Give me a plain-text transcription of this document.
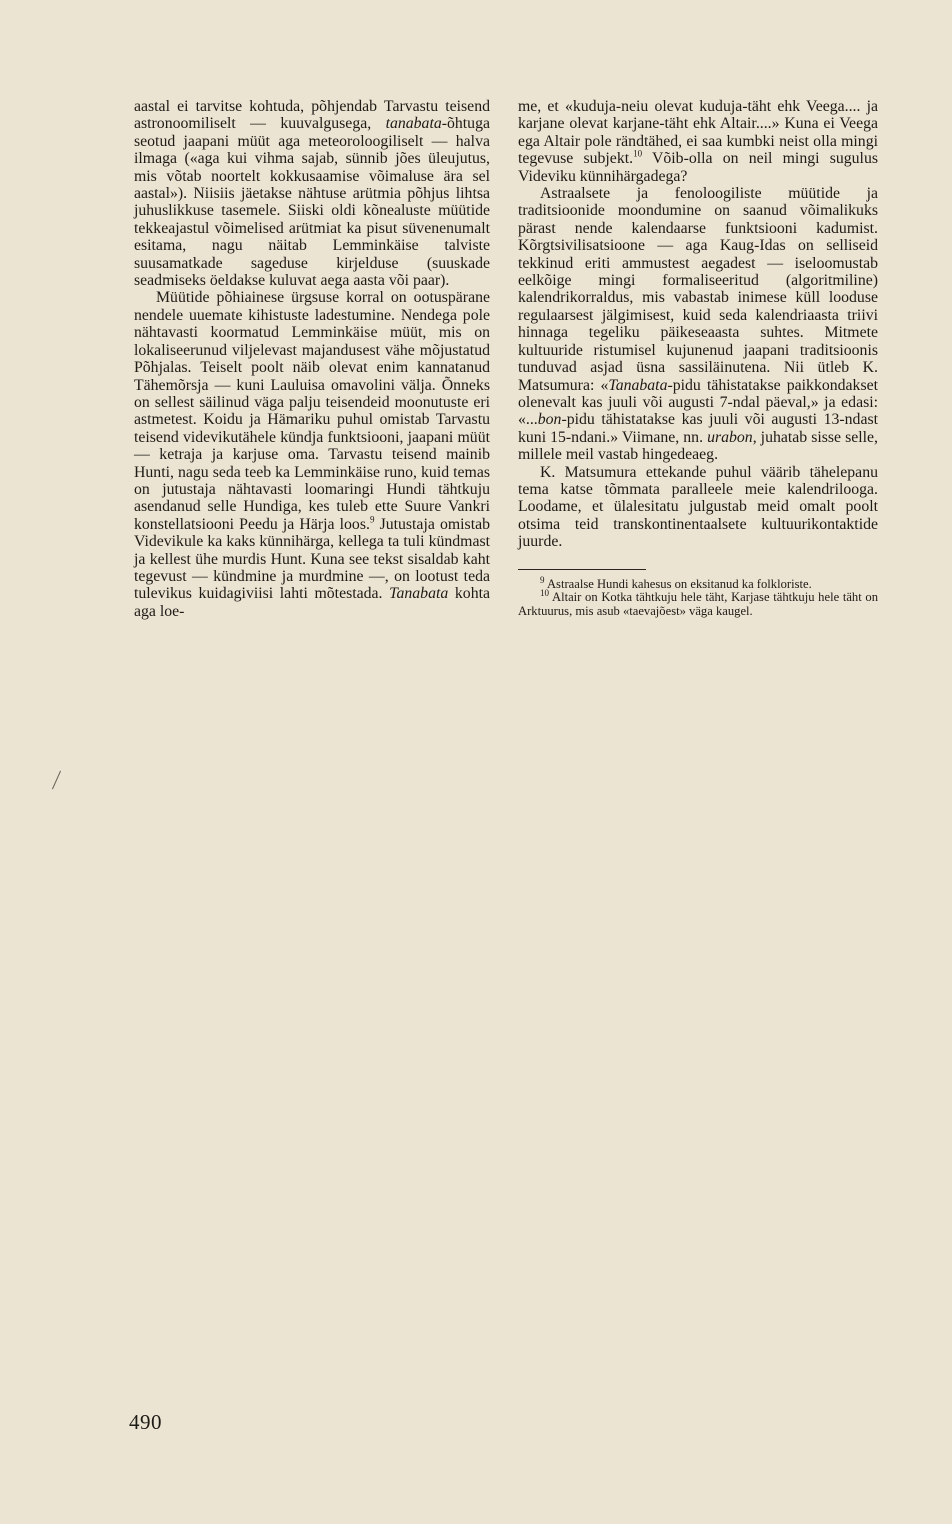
aastal ei tarvitse kohtuda, põhjendab Tarvastu teisend astronoomiliselt — kuuvalgusega, tanabata-õhtuga seotud jaapani müüt aga meteoroloogiliselt — halva ilmaga («aga kui vihma sajab, sünnib jões üleujutus, mis võtab noortelt kokkusaamise võimaluse ära sel aastal»). Niisiis jäetakse nähtuse arütmia põhjus lihtsa juhuslikkuse tasemele. Siiski oldi kõnealuste müütide tekkeajastul võimelised arütmiat ka pisut süvenenumalt esitama, nagu näitab Lemminkäise talviste suusamatkade sageduse kirjelduse (suuskade seadmiseks öeldakse kuluvat aega aasta või paar).

Müütide põhiainese ürgsuse korral on ootuspärane nendele uuemate kihistuste ladestumine. Nendega pole nähtavasti koormatud Lemminkäise müüt, mis on lokaliseerunud viljelevast majandusest vähe mõjustatud Põhjalas. Teiselt poolt näib olevat enim kannatanud Tähemõrsja — kuni Lauluisa omavolini välja. Õnneks on sellest säilinud väga palju teisendeid moonutuste eri astmetest. Koidu ja Hämariku puhul omistab Tarvastu teisend videvikutähele kündja funktsiooni, jaapani müüt — ketraja ja karjuse oma. Tarvastu teisend mainib Hunti, nagu seda teeb ka Lemminkäise runo, kuid temas on jutustaja nähtavasti loomaringi Hundi tähtkuju asendanud selle Hundiga, kes tuleb ette Suure Vankri konstellatsiooni Peedu ja Härja loos.$^9$ Jutustaja omistab Videvikule ka kaks künnihärga, kellega ta tuli kündmast ja kellest ühe murdis Hunt. Kuna see tekst sisaldab kaht tegevust — kündmine ja murdmine —, on lootust teda tulevikus kuidagiviisi lahti mõtestada. Tanabata kohta aga loe-

me, et «kuduja-neiu olevat kuduja-täht ehk Veega.... ja karjane olevat karjane-täht ehk Altair....» Kuna ei Veega ega Altair pole rändtähed, ei saa kumbki neist olla mingi tegevuse subjekt.$^{10}$ Võib-olla on neil mingi sugulus Videviku künnihärgadega?

Astraalsete ja fenoloogiliste müütide ja traditsioonide moondumine on saanud võimalikuks pärast nende kalendaarse funktsiooni kadumist. Kõrgtsivilisatsioone — aga Kaug-Idas on selliseid tekkinud eriti ammustest aegadest — iseloomustab eelkõige mingi formaliseeritud (algoritmiline) kalendrikorraldus, mis vabastab inimese küll looduse regulaarsest jälgimisest, kuid seda kalendriaasta triivi hinnaga tegeliku päikeseaasta suhtes. Mitmete kultuuride ristumisel kujunenud jaapani traditsioonis tunduvad asjad üsna sassiläinutena. Nii ütleb K. Matsumura: «Tanabata-pidu tähistatakse paikkondakset olenevalt kas juuli või augusti 7-ndal päeval,» ja edasi: «...bon-pidu tähistatakse kas juuli või augusti 13-ndast kuni 15-ndani.» Viimane, nn. urabon, juhatab sisse selle, millele meil vastab hingedeaeg.

K. Matsumura ettekande puhul väärib tähelepanu tema katse tõmmata paralleele meie kalendrilooga. Loodame, et ülalesitatu julgustab meid omalt poolt otsima teid transkontinentaalsete kultuurikontaktide juurde.

$^9$ Astraalse Hundi kahesus on eksitanud ka folkloriste.

$^{10}$ Altair on Kotka tähtkuju hele täht, Karjase tähtkuju hele täht on Arktuurus, mis asub «taevajõest» väga kaugel.

490
